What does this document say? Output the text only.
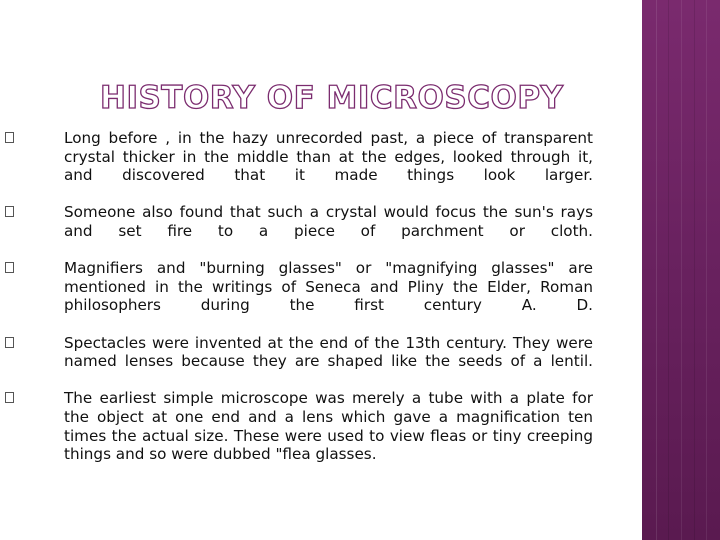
HISTORY OF MICROSCOPY
Long before , in the hazy unrecorded past, a piece of transparent crystal thicker in the middle than at the edges, looked through it, and discovered that it made things look larger.
Someone also found that such a crystal would focus the sun's rays and set fire to a piece of parchment or cloth.
Magnifiers and "burning glasses" or "magnifying glasses" are mentioned in the writings of Seneca and Pliny the Elder, Roman philosophers during the first century A. D.
Spectacles were invented at the end of the 13th century. They were named lenses because they are shaped like the seeds of a lentil.
The earliest simple microscope was merely a tube with a plate for the object at one end and a lens which gave a magnification ten times the actual size. These were used to view fleas or tiny creeping things and so were dubbed "flea glasses.
